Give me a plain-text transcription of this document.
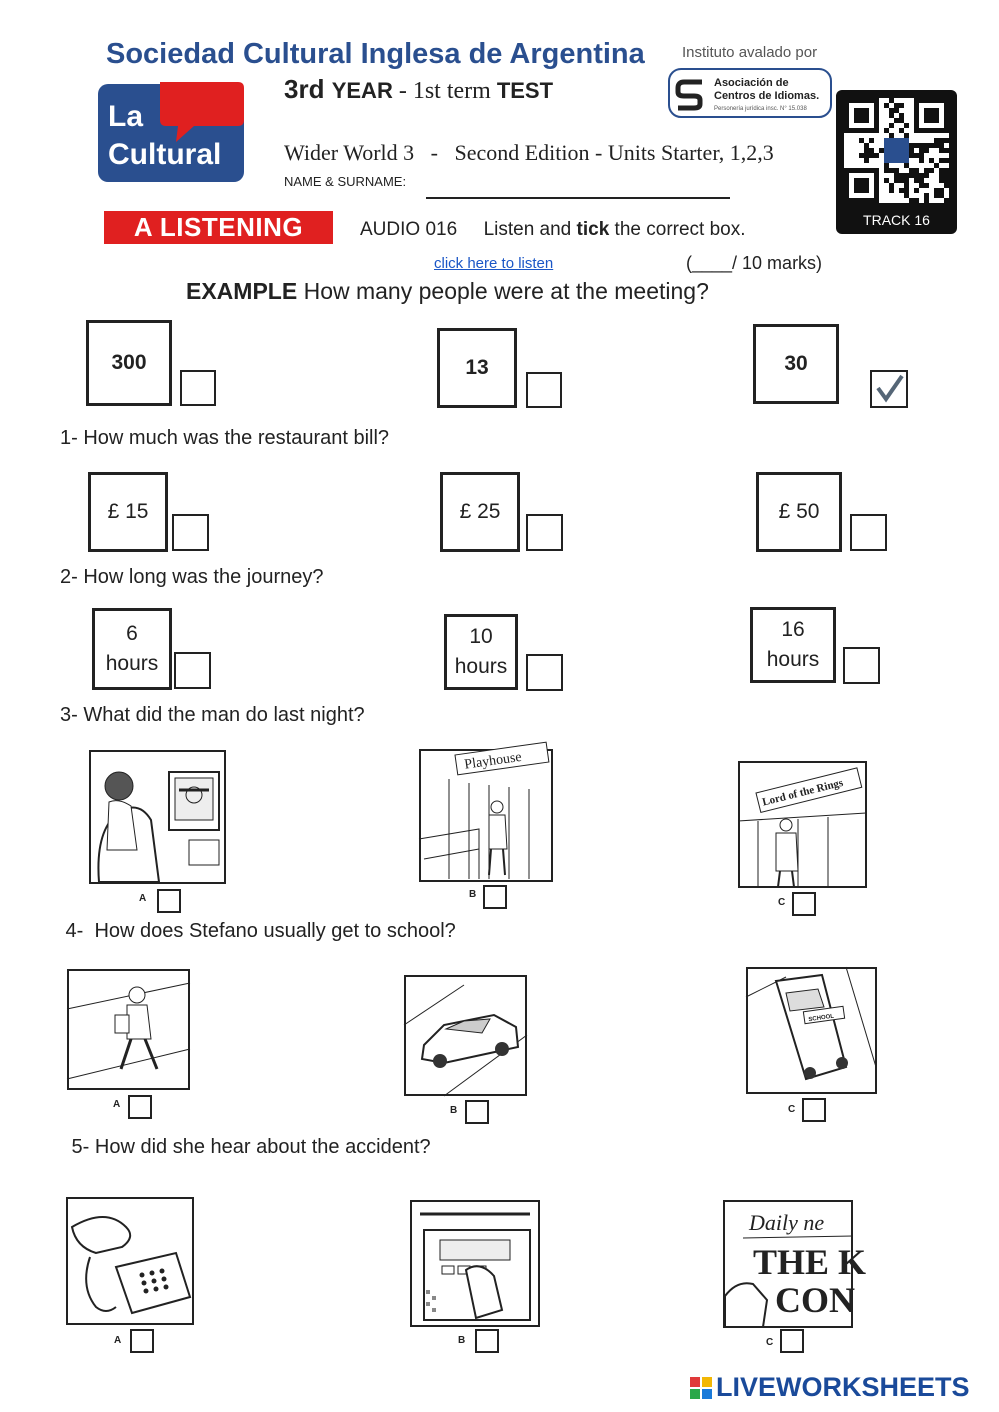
Sociedad Cultural Inglesa de Argentina
La
Cultural
3rd YEAR - 1st term TEST
Instituto avalado por
Asociación de
Centros de Idiomas.
Personería jurídica insc. N° 15.038
Wider World 3   -   Second Edition - Units Starter, 1,2,3
NAME & SURNAME:
TRACK 16
A LISTENING	AUDIO 016 Listen and tick the correct box.
click here to listen	(____/ 10 marks)
EXAMPLE How many people were at the meeting?
300	13	30
1- How much was the restaurant bill?
£ 15	£ 25	£ 50
2- How long was the journey?
6
hours
10
hours
16
hours
3- What did the man do last night?
A
Playhouse
B
Lord of the Rings
C
4-  How does Stefano usually get to school?
A
B
SCHOOL
C
5- How did she hear about the accident?
A	B
Daily ne
THE K
CON
C
LIVEWORKSHEETS
